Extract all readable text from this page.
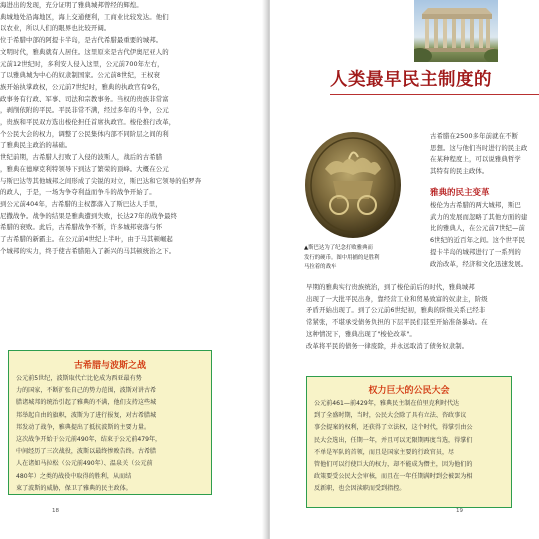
海进出的发现，充分证明了雅典城邦曾经的辉煌。
典城地处沿海地区，海上交通便利，工商业比较发达。他们
以农业，所以人们的眼界也比较开阔。
位于希腊中部的阿提卡半岛，是古代希腊最重要的城邦。
文明时代，雅典就有人居住。这里原来是古代伊奥尼亚人的
元前12世纪时，多利安人侵入这里，公元前700年左右，
了以雅典城为中心的奴隶制国家。公元前8世纪，王权衰
族开始执掌政权，公元前7世纪时，雅典的执政官有9名，
政事务有行政、军事、司法和宗教事务。当权的贵族非常富
，剥削依附的平民。平民非常不满，经过多年的斗争，公元
，贵族和平民双方选出梭伦担任首席执政官。梭伦推行改革，
个公民大会的权力，调整了公民集体内部不同阶层之间的利
了雅典民主政治的基础。
世纪前期，古希腊人打败了入侵的波斯人，战后的古希腊
，雅典在德摩克利特领导下到达了繁荣的顶峰。大概在公元
与斯巴达等其他城邦之间形成了尖锐的对立，斯巴达和它领导的伯罗奔
的政人，于是，一场为争夺利益而争斗的战争开始了。
到公元前404年，古希腊的主权都落入了斯巴达人手里，
尼撒战争。战争的结果是雅典遭到失败，长达27年的战争最终
希腊的衰败。此后，古希腊战争不断，许多城邦衰落与怀
了古希腊的新霸主。在公元前4世纪上半叶，由于马其顿崛起
个城邦的实力，终于使古希腊陷入了新兴的马其顿统治之下。
古希腊与波斯之战
公元前5世纪，波斯取代亡比伦成为西亚最有势
力的国家，不断扩张自己的势力范围，波斯对讲古希
腊诸城邦的统治引起了雅典的不满，他们支持这些城
邦举起自由的旗帜，波斯为了进行报复，对古希腊城
邦发动了战争，雅典提出了抵抗波斯的主要力量。
这次战争开始于公元前490年，结束于公元前479年，
中间经历了三次战役，波斯以最终惨败告终。古希腊
人在诸如马拉松（公元前490年）、温泉关（公元前
480年）之类的战役中取得的胜利，从而结
束了波斯的威胁，保卫了雅典的民主政体。
18
人类最早民主制度的
古希腊在2500多年前就在不断
思想。这与他们当时进行的民主政
在某种程度上，可以说雅典哲学
其特有的民主政体。
▲斯巴达为了纪念打败雅典而
发行的硬币。图中用捕的是胜利
马拉着的战车
雅典的民主变革
梭伦为古希腊的两大城邦，斯巴
武力的发展而忽略了其他方面的建
比的雅典人，在公元前7世纪—前
6世纪的近百年之间。这个世平民
提卡半岛的城邦进行了一系列的
政治改革，经济和文化迅速发展。
早期的雅典实行贵族统治，到了梭伦前后的时代，雅典城邦
出现了一大批平民出身，靠经营工业和贸易致富的奴隶主，阶级
矛盾开始出现了。到了公元前6世纪初，雅典的阶级关系已经非
常紧张，不堪承受债务负担的下层平民们甚至开始准备暴动。在
这种情况下，雅典出现了"梭伦改革"。
改革将平民的债务一律废除，并永远取消了债务奴隶制。
权力巨大的公民大会
公元前461—前429年，雅典民主制在伯里克利时代达
到了全盛时期，当时，公民大会除了具有立法、咨政事议
事会提案的权利，还获得了立法权，这个时代，得掌引由公
民大会选出，任期一年，并且可以无限期再度当选，得掌们
不单是军队的首领，而且是国家主要的行政官员，尽
管他们可以行使巨大的权力，却不能成为僭主，因为他们的
政策要受公民大会审核，而且在一年任期满时到会被罢为相
反新职，也会因渎职而受到指控。
19
